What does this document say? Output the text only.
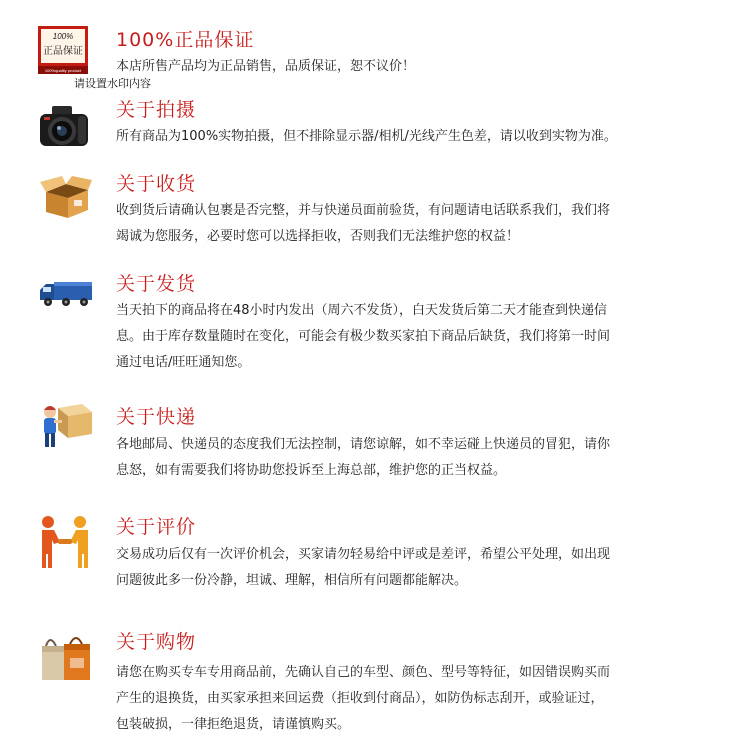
100%
正品保证
100%quality product
100%正品保证
本店所售产品均为正品销售，品质保证，恕不议价！
请设置水印内容
关于拍摄
所有商品为100%实物拍摄，但不排除显示器/相机/光线产生色差，请以收到实物为准。
关于收货
收到货后请确认包裹是否完整，并与快递员面前验货，有问题请电话联系我们，我们将
竭诚为您服务，必要时您可以选择拒收，否则我们无法维护您的权益！
关于发货
当天拍下的商品将在48小时内发出（周六不发货），白天发货后第二天才能查到快递信
息。由于库存数量随时在变化，可能会有极少数买家拍下商品后缺货，我们将第一时间
通过电话/旺旺通知您。
关于快递
各地邮局、快递员的态度我们无法控制，请您谅解，如不幸运碰上快递员的冒犯，请你
息怒，如有需要我们将协助您投诉至上海总部，维护您的正当权益。
关于评价
交易成功后仅有一次评价机会，买家请勿轻易给中评或是差评，希望公平处理，如出现
问题彼此多一份冷静，坦诚、理解，相信所有问题都能解决。
关于购物
请您在购买专车专用商品前，先确认自己的车型、颜色、型号等特征，如因错误购买而
产生的退换货，由买家承担来回运费（拒收到付商品），如防伪标志刮开，或验证过，
包装破损，一律拒绝退货，请谨慎购买。
